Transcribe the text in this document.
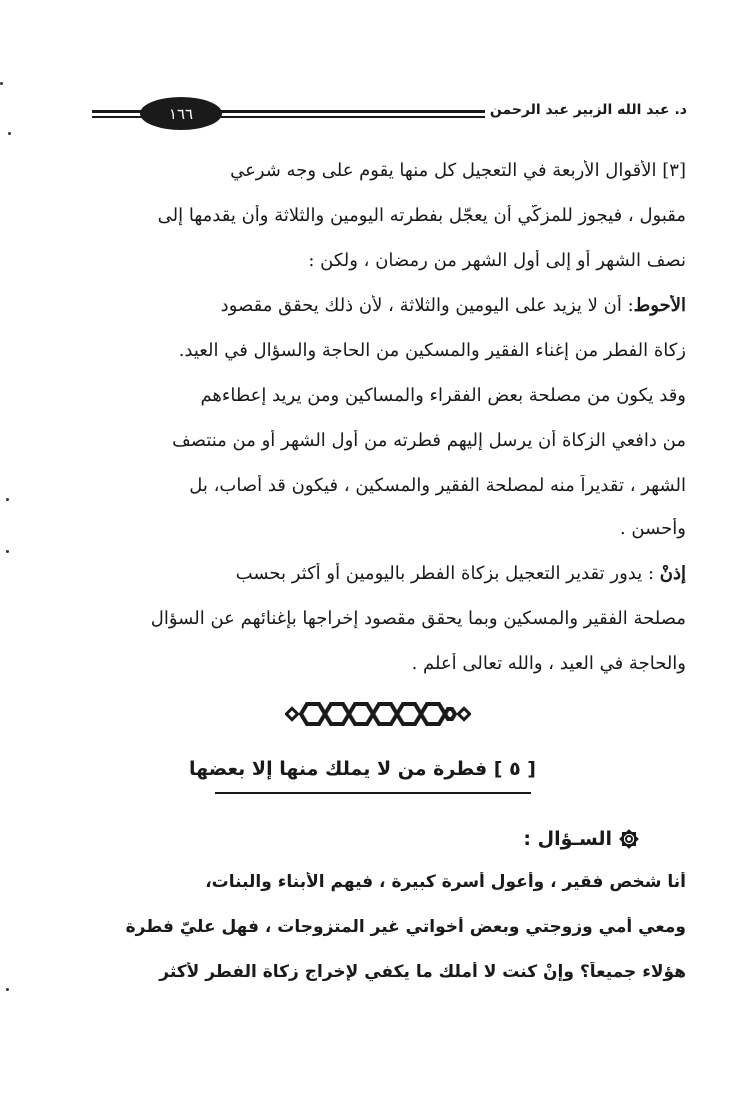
١٦٦	د. عبد الله الزبير عبد الرحمن
[٣] الأقوال الأربعة في التعجيل كل منها يقوم على وجه شرعي
مقبول ، فيجوز للمزكّي أن يعجّل بفطرته اليومين والثلاثة وأن يقدمها إلى
نصف الشهر أو إلى أول الشهر من رمضان ، ولكن :
الأحوط: أن لا يزيد على اليومين والثلاثة ، لأن ذلك يحقق مقصود
زكاة الفطر من إغناء الفقير والمسكين من الحاجة والسؤال في العيد.
وقد يكون من مصلحة بعض الفقراء والمساكين ومن يريد إعطاءهم
من دافعي الزكاة أن يرسل إليهم فطرته من أول الشهر أو من منتصف
الشهر ، تقديراً منه لمصلحة الفقير والمسكين ، فيكون قد أصاب، بل
وأحسن .
إذنْ : يدور تقدير التعجيل بزكاة الفطر باليومين أو أكثر بحسب
مصلحة الفقير والمسكين وبما يحقق مقصود إخراجها بإغنائهم عن السؤال
والحاجة في العيد ، والله تعالى أعلم .
[ ٥ ] فطرة من لا يملك منها إلا بعضها
السـؤال :
أنا شخص فقير ، وأعول أسرة كبيرة ، فيهم الأبناء والبنات،
ومعي أمي وزوجتي وبعض أخواتي غير المتزوجات ، فهل عليّ فطرة
هؤلاء جميعاً؟ وإنْ كنت لا أملك ما يكفي لإخراج زكاة الفطر لأكثر
